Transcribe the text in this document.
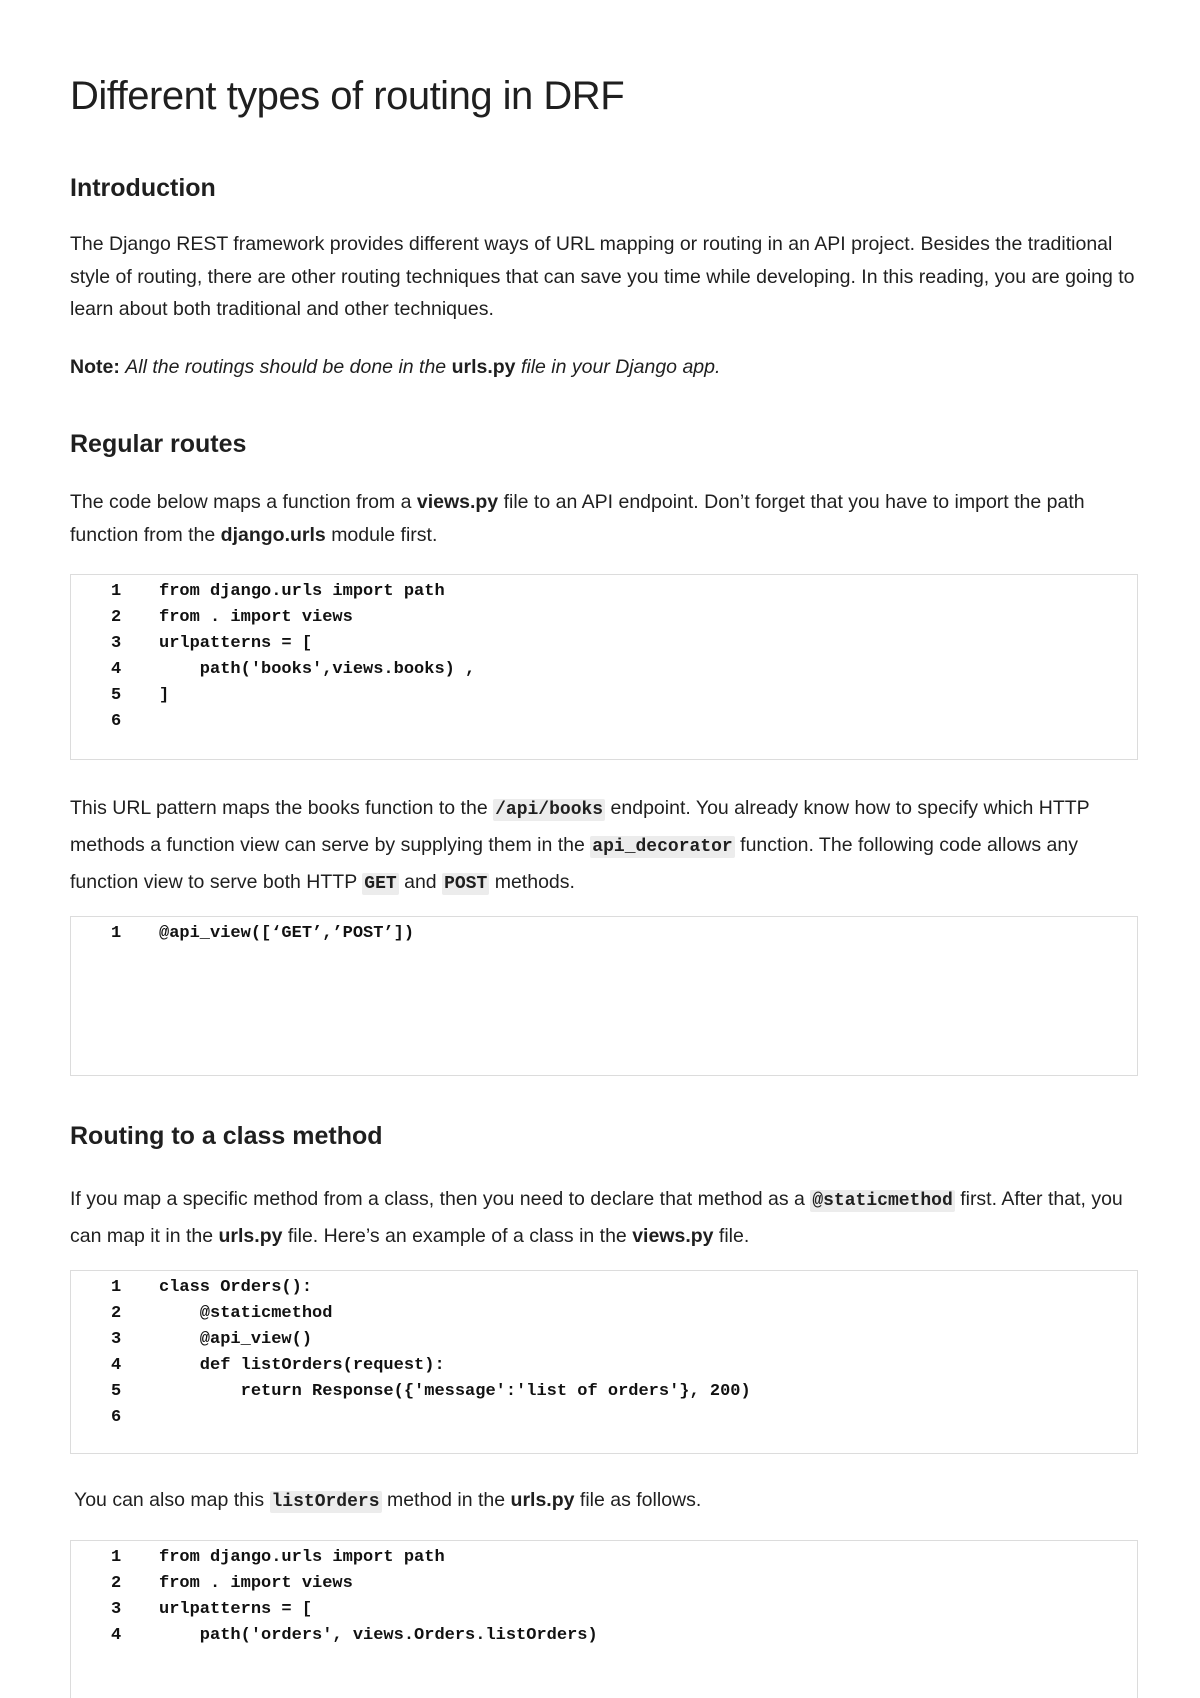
Different types of routing in DRF
Introduction

The Django REST framework provides different ways of URL mapping or routing in an API project. Besides the traditional style of routing, there are other routing techniques that can save you time while developing. In this reading, you are going to learn about both traditional and other techniques.

Note: All the routings should be done in the urls.py file in your Django app.

Regular routes

The code below maps a function from a views.py file to an API endpoint. Don’t forget that you have to import the path function from the django.urls module first.

1	from django.urls import path
2	from . import views
3	urlpatterns = [
4	path('books',views.books) ,
5	]
6

This URL pattern maps the books function to the /api/books endpoint. You already know how to specify which HTTP methods a function view can serve by supplying them in the api_decorator function. The following code allows any function view to serve both HTTP GET and POST methods.

1	@api_view([‘GET’,’POST’])
Routing to a class method

If you map a specific method from a class, then you need to declare that method as a @staticmethod first. After that, you can map it in the urls.py file. Here’s an example of a class in the views.py file.

1	class Orders():
2	@staticmethod
3	@api_view()
4	def listOrders(request):
5	return Response({'message':'list of orders'}, 200)
6

You can also map this listOrders method in the urls.py file as follows.

1	from django.urls import path
2	from . import views
3	urlpatterns = [
4	path('orders', views.Orders.listOrders)
